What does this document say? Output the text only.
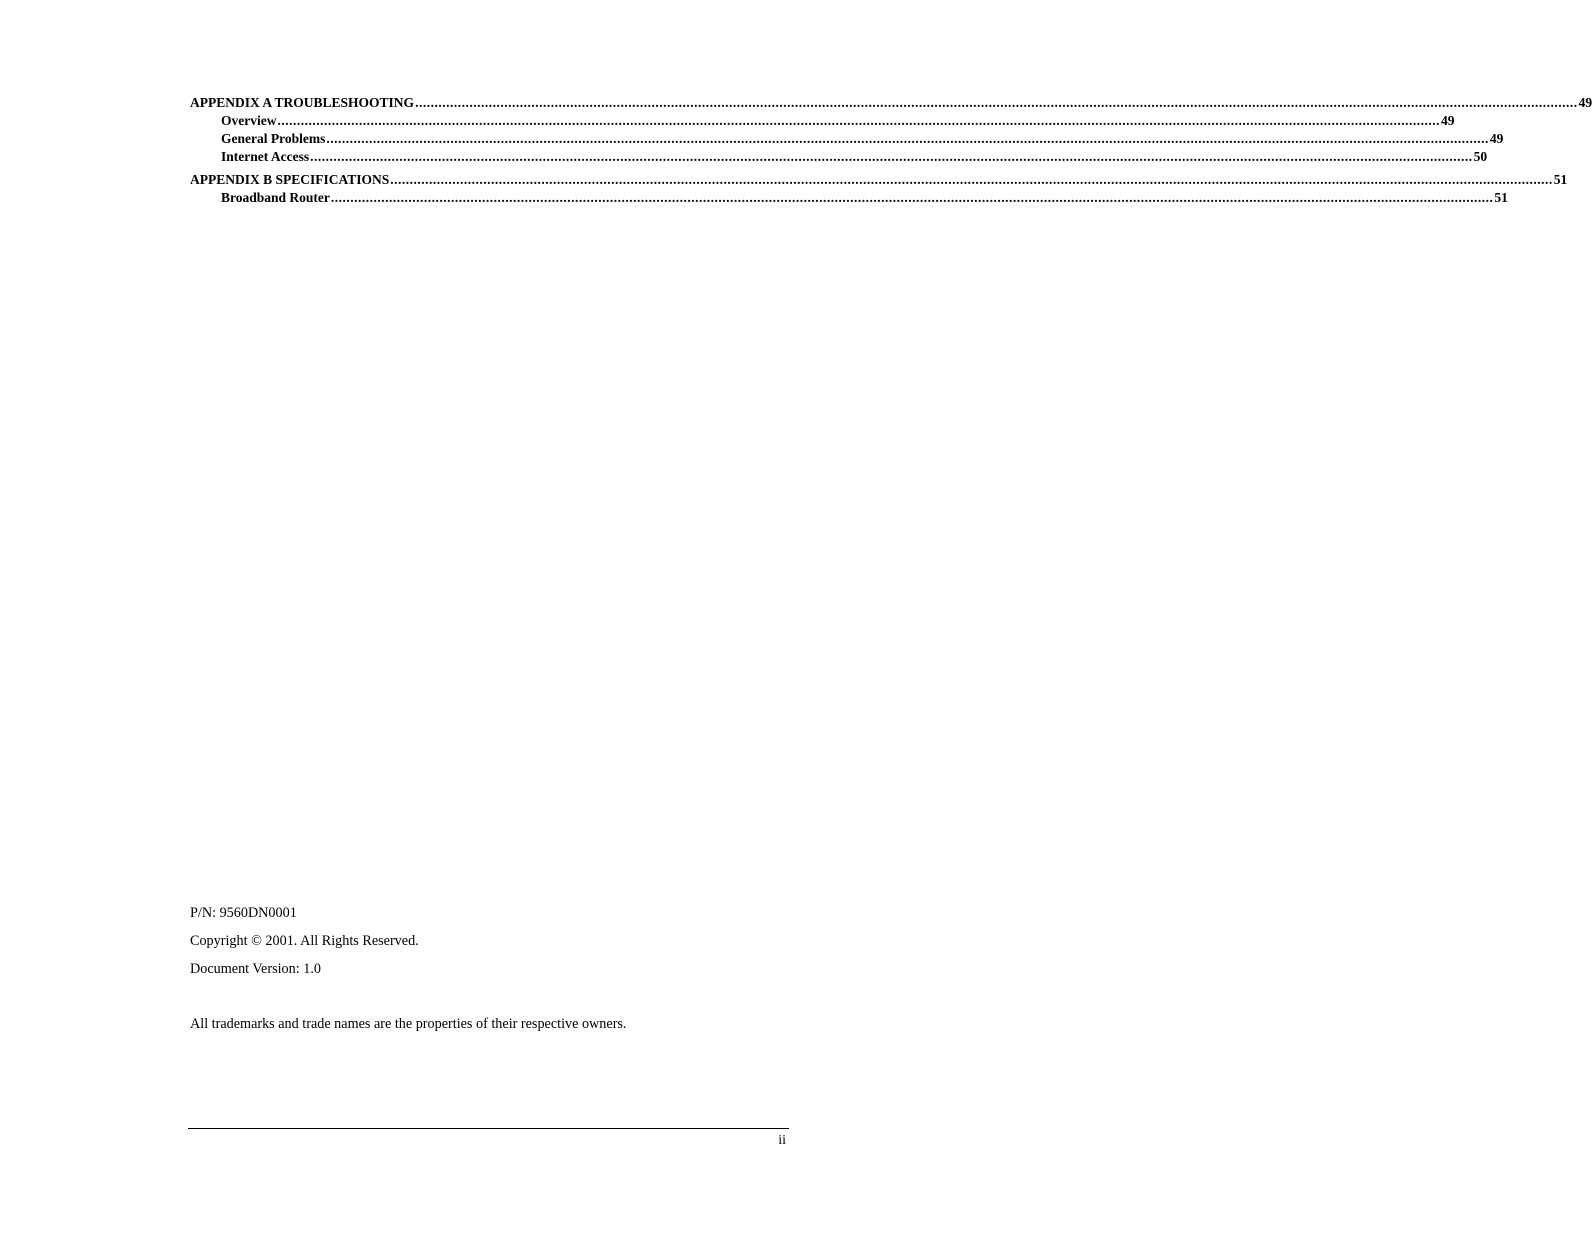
APPENDIX A TROUBLESHOOTING ............................................................................................................................................................................................................................................................................................................ 49
Overview ............................................................................................................................................................................................................................................................................................................ 49
General Problems ............................................................................................................................................................................................................................................................................................................ 49
Internet Access ............................................................................................................................................................................................................................................................................................................ 50
APPENDIX B SPECIFICATIONS ............................................................................................................................................................................................................................................................................................................ 51
Broadband Router ............................................................................................................................................................................................................................................................................................................ 51
P/N: 9560DN0001
Copyright © 2001. All Rights Reserved.
Document Version: 1.0
All trademarks and trade names are the properties of their respective owners.
ii
